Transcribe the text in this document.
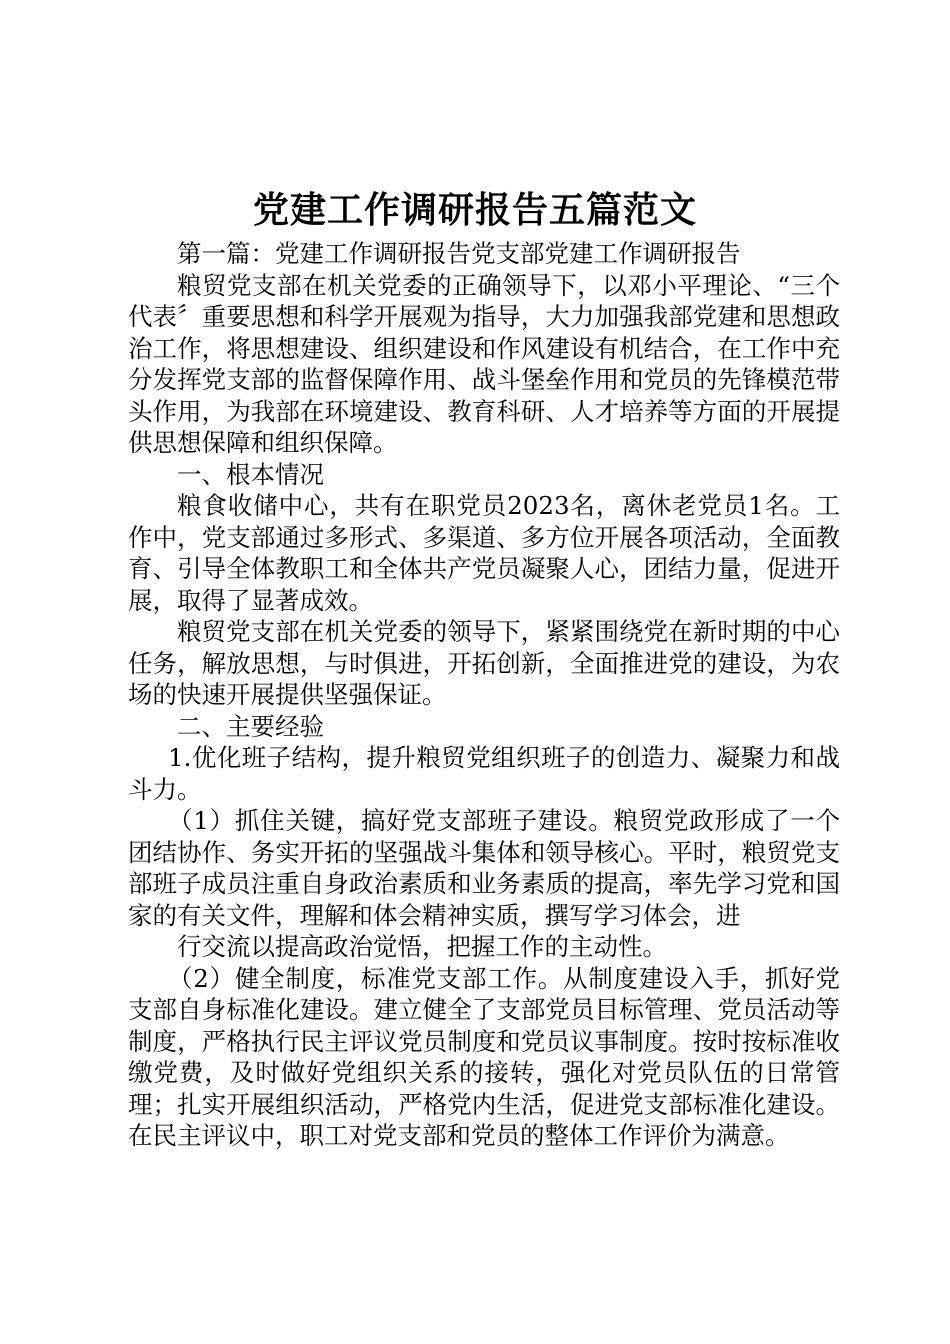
党建工作调研报告五篇范文

第一篇：党建工作调研报告党支部党建工作调研报告

粮贸党支部在机关党委的正确领导下，以邓小平理论、“三个代表〞重要思想和科学开展观为指导，大力加强我部党建和思想政治工作，将思想建设、组织建设和作风建设有机结合，在工作中充分发挥党支部的监督保障作用、战斗堡垒作用和党员的先锋模范带头作用，为我部在环境建设、教育科研、人才培养等方面的开展提供思想保障和组织保障。

一、根本情况

粮食收储中心，共有在职党员2023名，离休老党员1名。工作中，党支部通过多形式、多渠道、多方位开展各项活动，全面教育、引导全体教职工和全体共产党员凝聚人心，团结力量，促进开展，取得了显著成效。

粮贸党支部在机关党委的领导下，紧紧围绕党在新时期的中心任务，解放思想，与时俱进，开拓创新，全面推进党的建设，为农场的快速开展提供坚强保证。

二、主要经验

1.优化班子结构，提升粮贸党组织班子的创造力、凝聚力和战斗力。

（1）抓住关键，搞好党支部班子建设。粮贸党政形成了一个团结协作、务实开拓的坚强战斗集体和领导核心。平时，粮贸党支部班子成员注重自身政治素质和业务素质的提高，率先学习党和国家的有关文件，理解和体会精神实质，撰写学习体会，进

行交流以提高政治觉悟，把握工作的主动性。

（2）健全制度，标准党支部工作。从制度建设入手，抓好党支部自身标准化建设。建立健全了支部党员目标管理、党员活动等制度，严格执行民主评议党员制度和党员议事制度。按时按标准收缴党费，及时做好党组织关系的接转，强化对党员队伍的日常管理；扎实开展组织活动，严格党内生活，促进党支部标准化建设。在民主评议中，职工对党支部和党员的整体工作评价为满意。
